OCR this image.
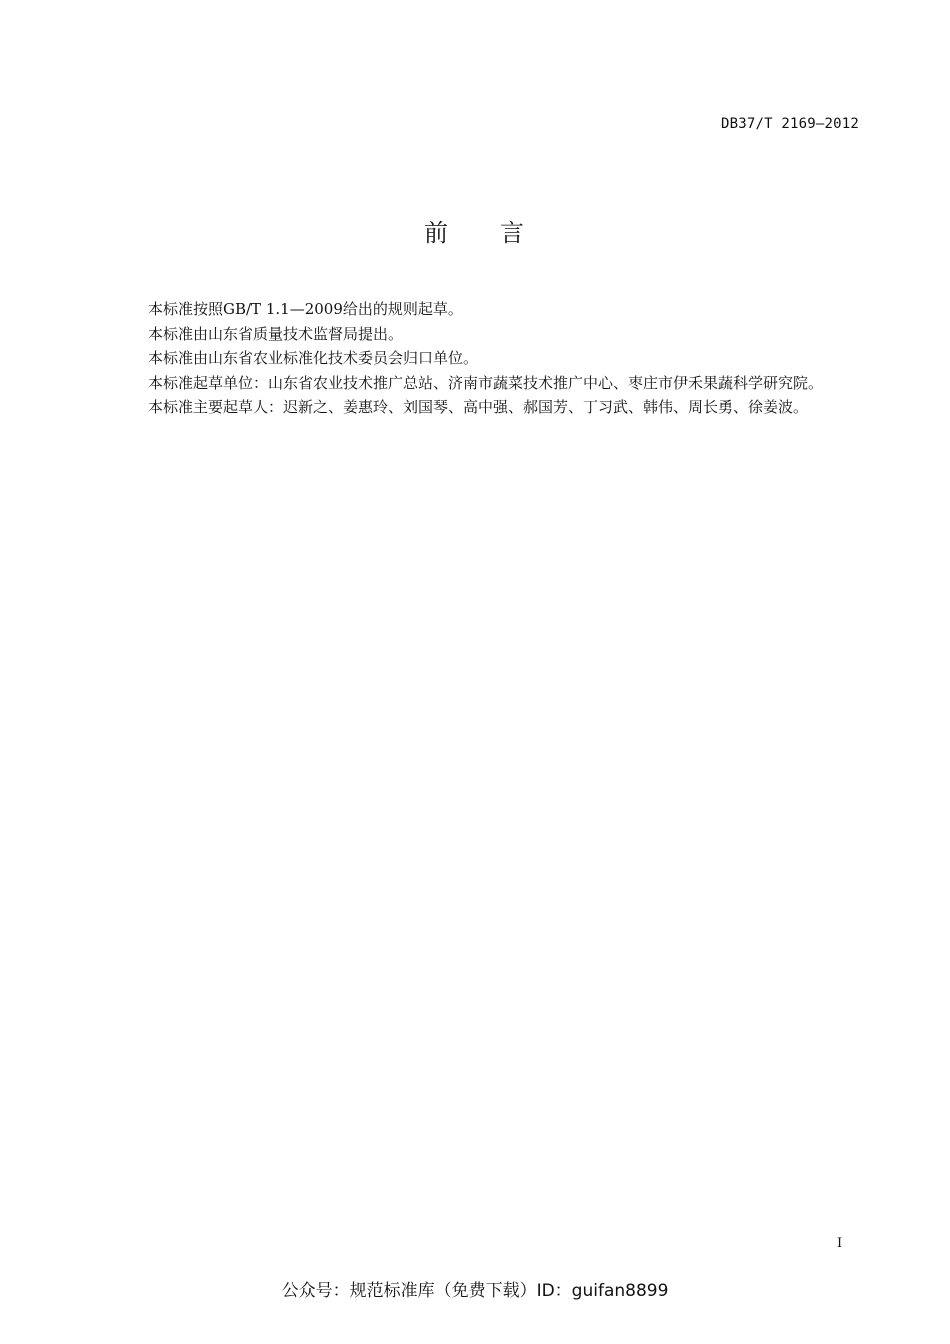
DB37/T 2169—2012
前 言

本标准按照GB/T 1.1—2009给出的规则起草。

本标准由山东省质量技术监督局提出。

本标准由山东省农业标准化技术委员会归口单位。

本标准起草单位：山东省农业技术推广总站、济南市蔬菜技术推广中心、枣庄市伊禾果蔬科学研究院。

本标准主要起草人：迟新之、姜惠玲、刘国琴、高中强、郝国芳、丁习武、韩伟、周长勇、徐姜波。

I
公众号：规范标准库（免费下载）ID：guifan8899
